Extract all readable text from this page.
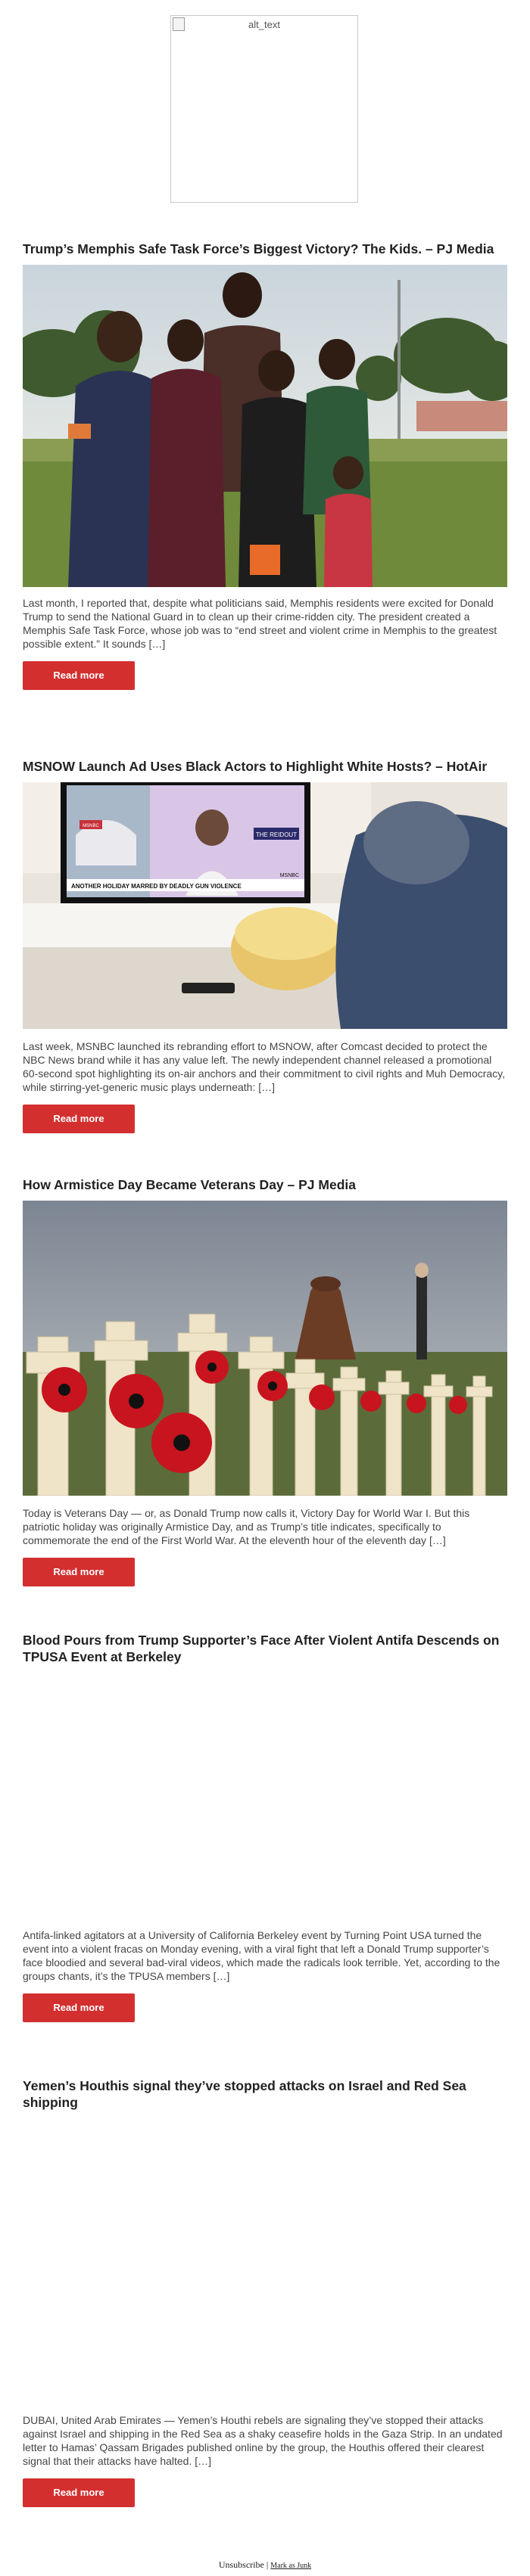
alt_text
Trump’s Memphis Safe Task Force’s Biggest Victory? The Kids. – PJ Media

Last month, I reported that, despite what politicians said, Memphis residents were excited for Donald Trump to send the National Guard in to clean up their crime-ridden city. The president created a Memphis Safe Task Force, whose job was to “end street and violent crime in Memphis to the greatest possible extent.” It sounds […]

Read more
MSNOW Launch Ad Uses Black Actors to Highlight White Hosts? – HotAir
THE REIDOUT
ANOTHER HOLIDAY MARRED BY DEADLY GUN VIOLENCE
MSNBC
MSNBC

Last week, MSNBC launched its rebranding effort to MSNOW, after Comcast decided to protect the NBC News brand while it has any value left. The newly independent channel released a promotional 60-second spot highlighting its on-air anchors and their commitment to civil rights and Muh Democracy, while stirring-yet-generic music plays underneath: […]

Read more
How Armistice Day Became Veterans Day – PJ Media

Today is Veterans Day — or, as Donald Trump now calls it, Victory Day for World War I. But this patriotic holiday was originally Armistice Day, and as Trump’s title indicates, specifically to commemorate the end of the First World War. At the eleventh hour of the eleventh day […]

Read more
Blood Pours from Trump Supporter’s Face After Violent Antifa Descends on TPUSA Event at Berkeley

Antifa-linked agitators at a University of California Berkeley event by Turning Point USA turned the event into a violent fracas on Monday evening, with a viral fight that left a Donald Trump supporter’s face bloodied and several bad-viral videos, which made the radicals look terrible. Yet, according to the groups chants, it’s the TPUSA members […]

Read more
Yemen’s Houthis signal they’ve stopped attacks on Israel and Red Sea shipping

DUBAI, United Arab Emirates — Yemen’s Houthi rebels are signaling they’ve stopped their attacks against Israel and shipping in the Red Sea as a shaky ceasefire holds in the Gaza Strip. In an undated letter to Hamas’ Qassam Brigades published online by the group, the Houthis offered their clearest signal that their attacks have halted. […]

Read more
Unsubscribe | Mark as Junk
